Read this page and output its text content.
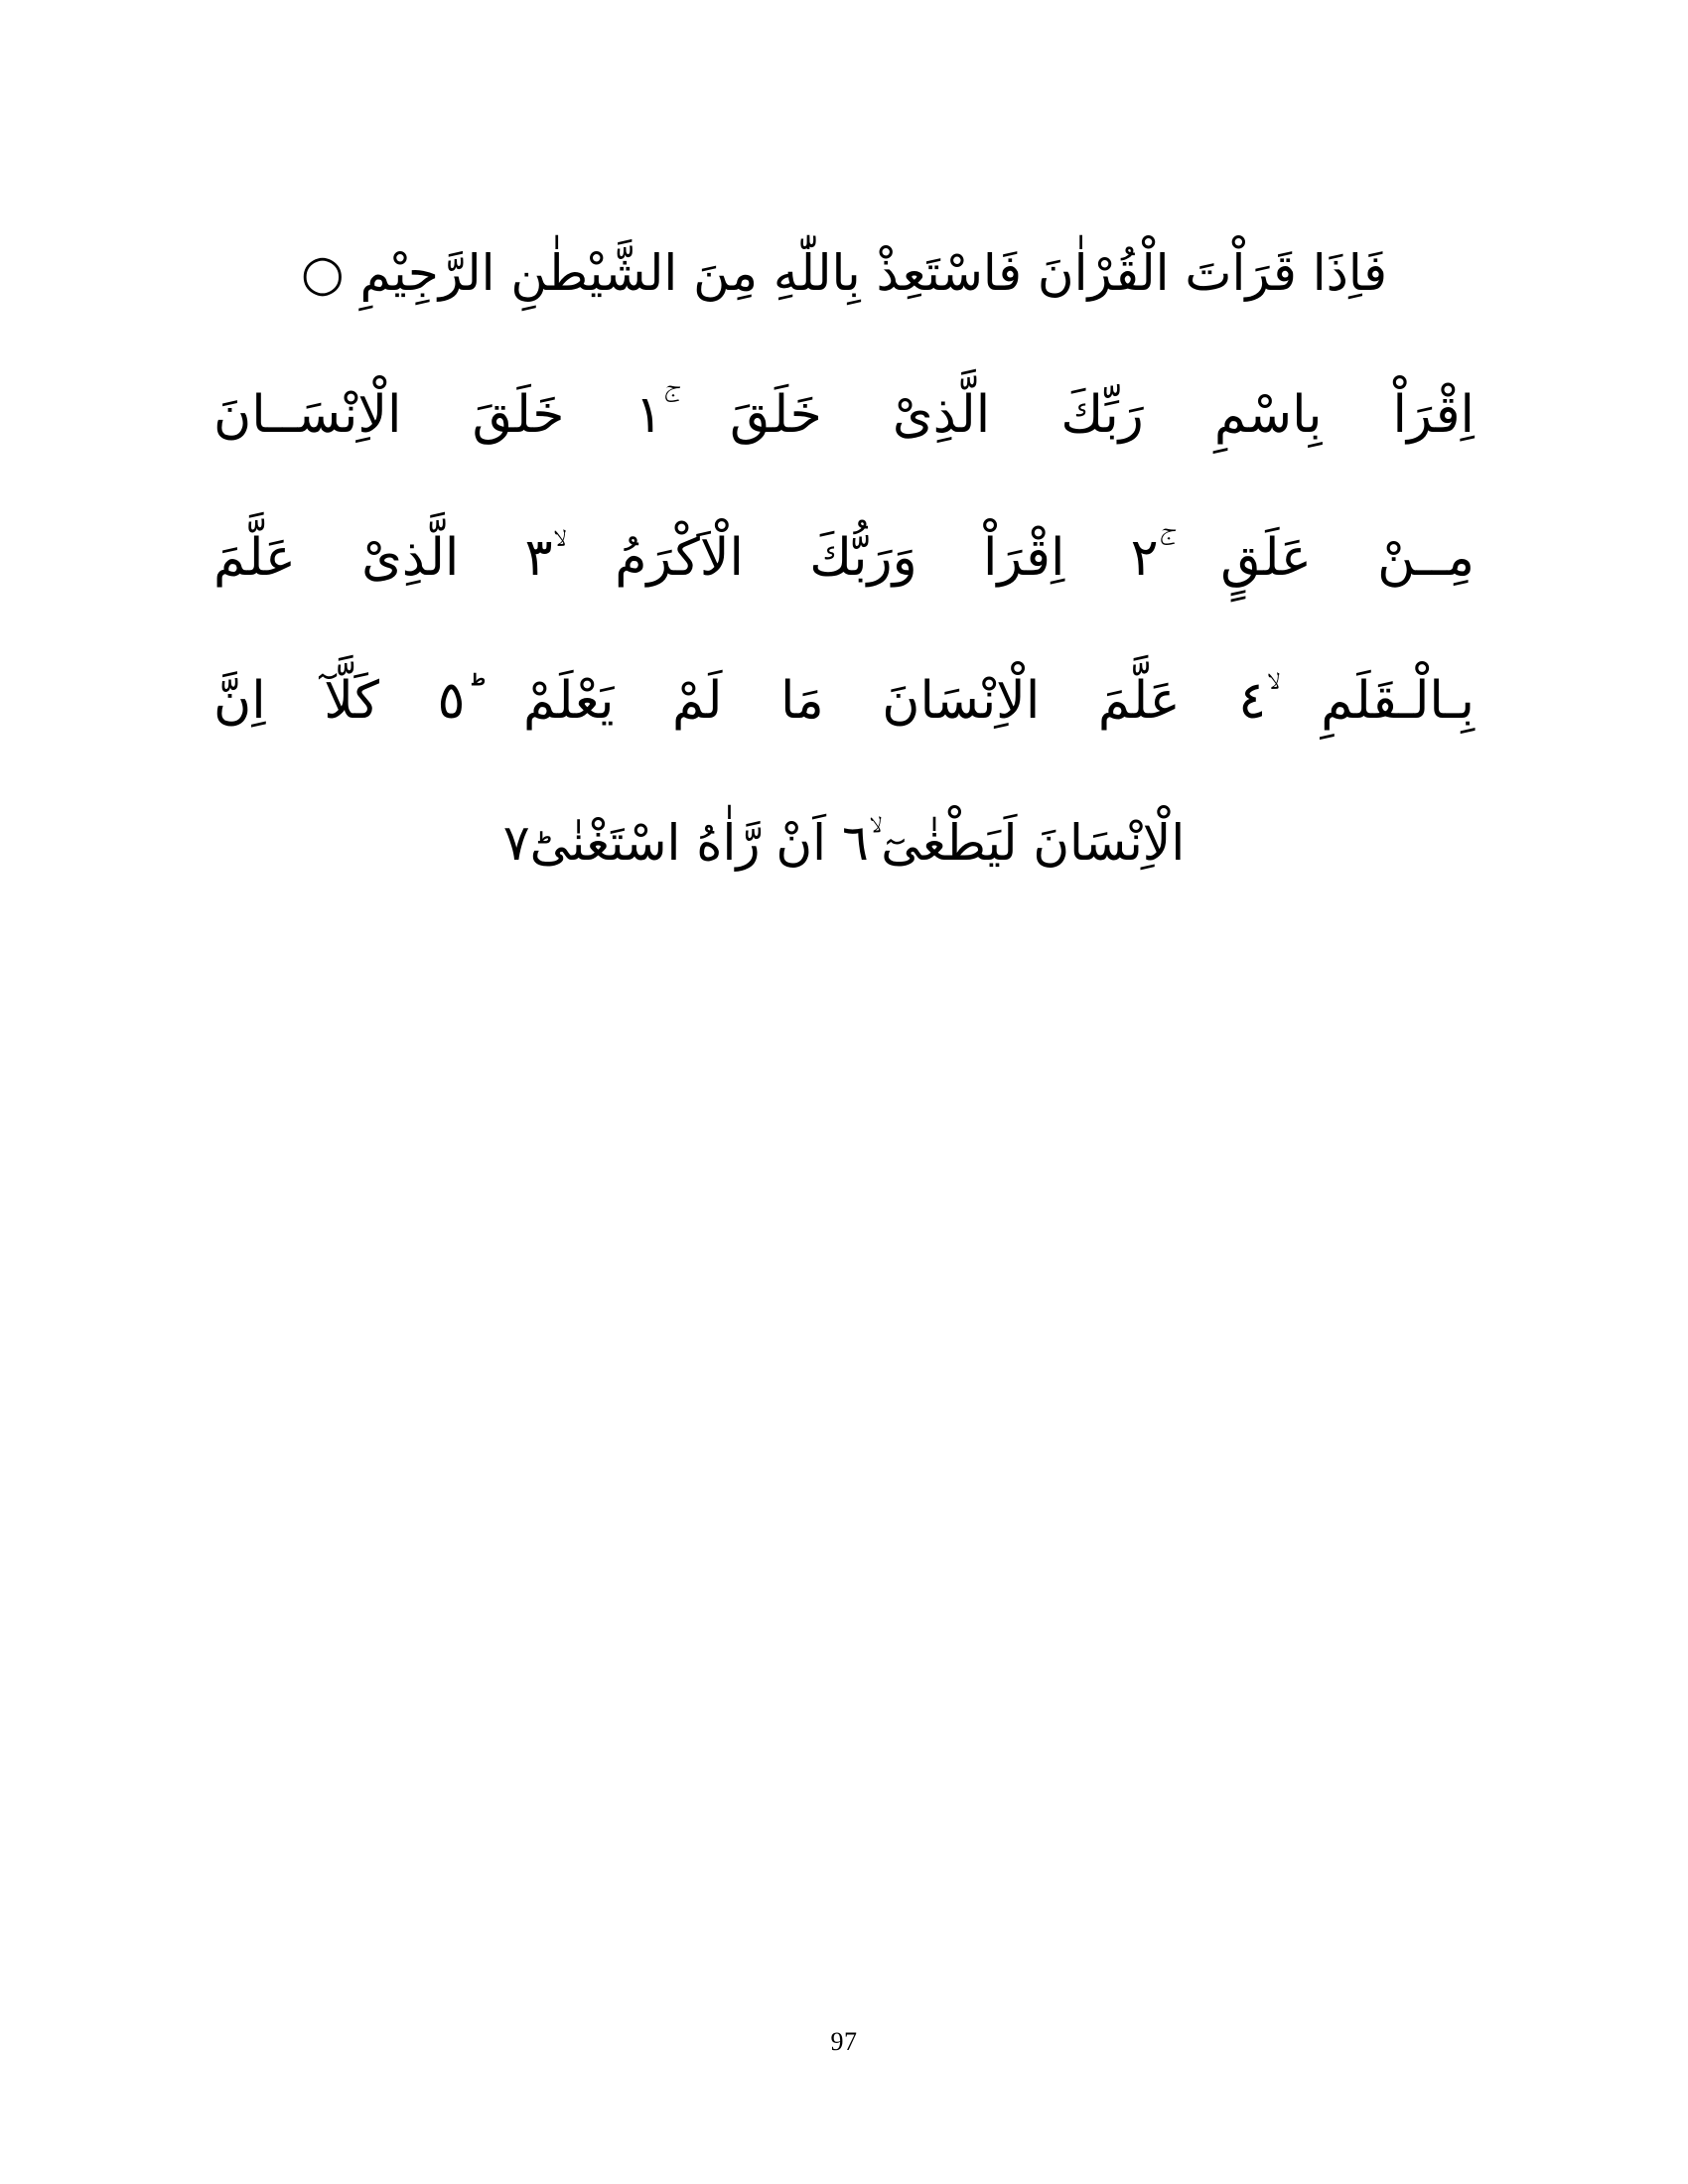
فَاِذَا قَرَاْتَ الْقُرْاٰنَ فَاسْتَعِذْ بِاللّٰهِ مِنَ الشَّيْطٰنِ الرَّجِيْمِ ○
اِقْرَاْ بِاسْمِ رَبِّكَ الَّذِىْ خَلَقَ ۚ١ خَلَقَ الْاِنْسَــانَ
مِــنْ عَلَقٍ ۚ٢ اِقْرَاْ وَرَبُّكَ الْاَكْرَمُ ۙ٣ الَّذِىْ عَلَّمَ
بِـالْـقَلَمِ ۙ٤ عَلَّمَ الْاِنْسَانَ مَا لَمْ يَعْلَمْ ؕ٥ كَلَّآ اِنَّ
الْاِنْسَانَ لَيَطْغٰىٓ ۙ٦ اَنْ رَّاٰهُ اسْتَغْنٰىؕ٧
97
